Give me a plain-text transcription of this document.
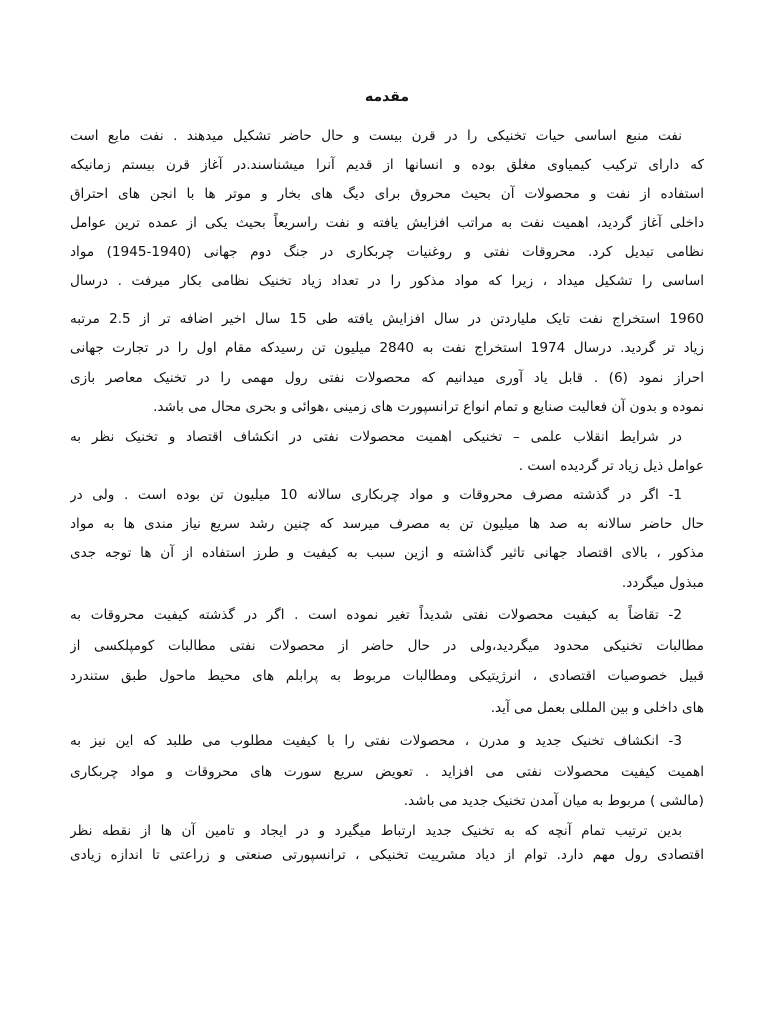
مقدمه
نفت منبع اساسی حیات تخنیکی را در قرن بیست و حال حاضر تشکیل میدهند . نفت مایع است
که دارای ترکیب کیمیاوی مغلق بوده و انسانها از قدیم آنرا میشناسند.در آغاز قرن بیستم زمانیکه
استفاده از نفت و محصولات آن بحیث محروق برای دیگ های بخار و موتر ها با انجن های احتراق
داخلی آغاز گردید، اهمیت نفت به مراتب افزایش یافته و نفت راسریعاً بحیث یکی از عمده ترین عوامل
نظامی تبدیل کرد. محروقات نفتی و روغنیات چربکاری در جنگ دوم جهانی (1940-1945) مواد
اساسی را تشکیل میداد ، زیرا که مواد مذکور را در تعداد زیاد تخنیک نظامی بکار میرفت . درسال
1960 استخراج نفت تایک ملیاردتن در سال افزایش یافته طی 15 سال اخیر اضافه تر از 2.5 مرتبه
زیاد تر گردید. درسال 1974 استخراج نفت به 2840 میلیون تن رسیدکه مقام اول را در تجارت جهانی
احراز نمود (6) . قابل یاد آوری میدانیم که محصولات نفتی رول مهمی را در تخنیک معاصر بازی
نموده و بدون آن فعالیت صنایع و تمام انواع ترانسپورت های زمینی ،هوائی و بحری محال می باشد.
در شرایط انقلاب علمی – تخنیکی اهمیت محصولات نفتی در انکشاف اقتصاد و تخنیک نظر به
عوامل ذیل زیاد تر گردیده است .
1- اگر در گذشته مصرف محروقات و مواد چربکاری سالانه 10 میلیون تن بوده است . ولی در
حال حاضر سالانه به صد ها میلیون تن به مصرف میرسد که چنین رشد سریع نیاز مندی ها به مواد
مذکور ، بالای اقتصاد جهانی تاثیر گذاشته و ازین سبب به کیفیت و طرز استفاده از آن ها توجه جدی
مبذول میگردد.
2- تقاضاً به کیفیت محصولات نفتی شدیداً تغیر نموده است . اگر در گذشته کیفیت محروقات به
مطالبات تخنیکی محدود میگردید،ولی در حال حاضر از محصولات نفتی مطالبات کومپلکسی از
قبیل خصوصیات اقتصادی ، انرژیتیکی ومطالبات مربوط به پرابلم های محیط ماحول طبق ستندرد
های داخلی و بین المللی بعمل می آید.
3- انکشاف تخنیک جدید و مدرن ، محصولات نفتی را با کیفیت مطلوب می طلبد که این نیز به
اهمیت کیفیت محصولات نفتی می افزاید . تعویض سریع سورت های محروقات و مواد چربکاری
(مالشی ) مربوط به میان آمدن تخنیک جدید می باشد.
بدین ترتیب تمام آنچه که به تخنیک جدید ارتباط میگیرد و در ایجاد و تامین آن ها از نقطه نظر
اقتصادی رول مهم دارد. توام از دیاد مشرییت تخنیکی ، ترانسپورتی صنعتی و زراعتی تا اندازه زیادی
